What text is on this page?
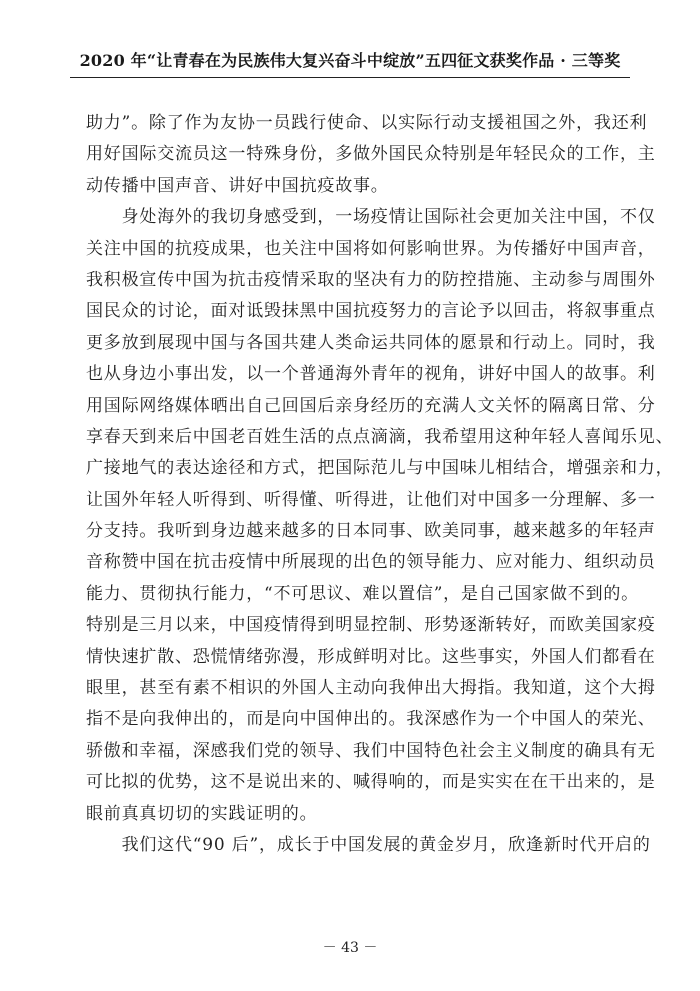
2020 年“让青春在为民族伟大复兴奋斗中绽放”五四征文获奖作品 · 三等奖
助力”。除了作为友协一员践行使命、以实际行动支援祖国之外，我还利
用好国际交流员这一特殊身份，多做外国民众特别是年轻民众的工作，主
动传播中国声音、讲好中国抗疫故事。
　　身处海外的我切身感受到，一场疫情让国际社会更加关注中国，不仅
关注中国的抗疫成果，也关注中国将如何影响世界。为传播好中国声音，
我积极宣传中国为抗击疫情采取的坚决有力的防控措施、主动参与周围外
国民众的讨论，面对诋毁抹黑中国抗疫努力的言论予以回击，将叙事重点
更多放到展现中国与各国共建人类命运共同体的愿景和行动上。同时，我
也从身边小事出发，以一个普通海外青年的视角，讲好中国人的故事。利
用国际网络媒体晒出自己回国后亲身经历的充满人文关怀的隔离日常、分
享春天到来后中国老百姓生活的点点滴滴，我希望用这种年轻人喜闻乐见、
广接地气的表达途径和方式，把国际范儿与中国味儿相结合，增强亲和力，
让国外年轻人听得到、听得懂、听得进，让他们对中国多一分理解、多一
分支持。我听到身边越来越多的日本同事、欧美同事，越来越多的年轻声
音称赞中国在抗击疫情中所展现的出色的领导能力、应对能力、组织动员
能力、贯彻执行能力，“不可思议、难以置信”，是自己国家做不到的。
特别是三月以来，中国疫情得到明显控制、形势逐渐转好，而欧美国家疫
情快速扩散、恐慌情绪弥漫，形成鲜明对比。这些事实，外国人们都看在
眼里，甚至有素不相识的外国人主动向我伸出大拇指。我知道，这个大拇
指不是向我伸出的，而是向中国伸出的。我深感作为一个中国人的荣光、
骄傲和幸福，深感我们党的领导、我们中国特色社会主义制度的确具有无
可比拟的优势，这不是说出来的、喊得响的，而是实实在在干出来的，是
眼前真真切切的实践证明的。
　　我们这代“90 后”，成长于中国发展的黄金岁月，欣逢新时代开启的
－ 43 －
